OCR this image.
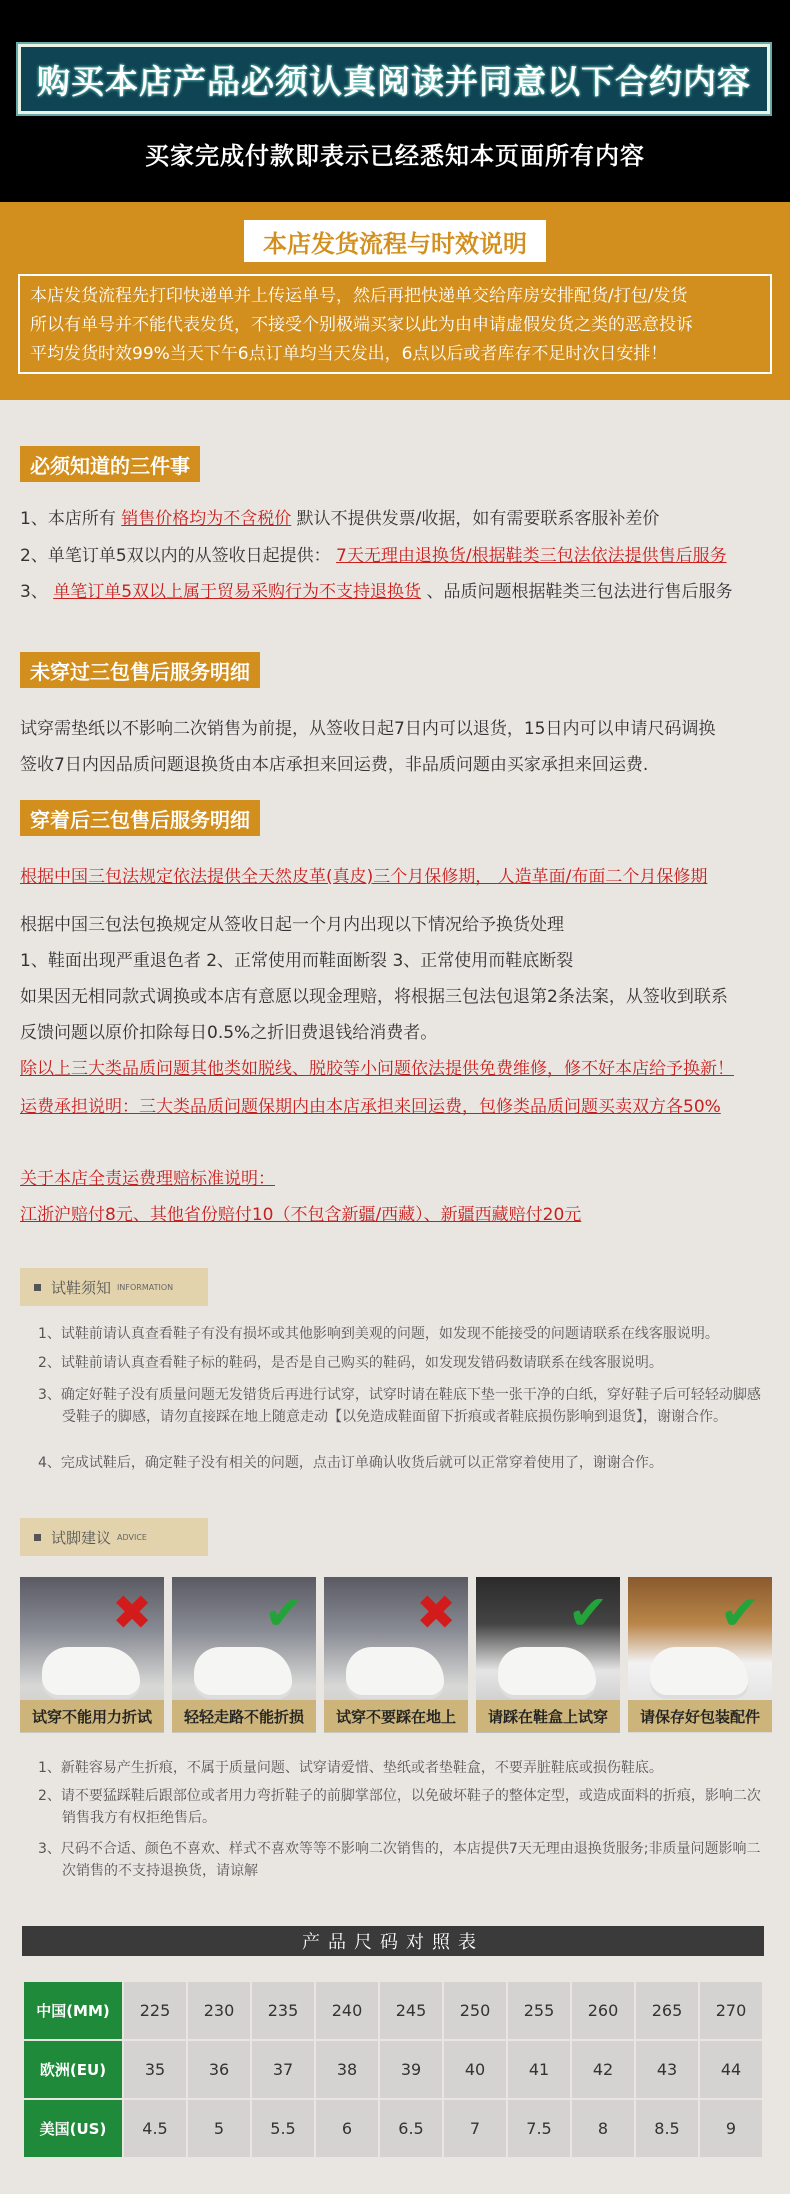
购买本店产品必须认真阅读并同意以下合约内容
买家完成付款即表示已经悉知本页面所有内容
本店发货流程与时效说明
本店发货流程先打印快递单并上传运单号，然后再把快递单交给库房安排配货/打包/发货
所以有单号并不能代表发货，不接受个别极端买家以此为由申请虚假发货之类的恶意投诉
平均发货时效99%当天下午6点订单均当天发出，6点以后或者库存不足时次日安排！
必须知道的三件事
1、本店所有 销售价格均为不含税价 默认不提供发票/收据，如有需要联系客服补差价
2、单笔订单5双以内的从签收日起提供： 7天无理由退换货/根据鞋类三包法依法提供售后服务
3、 单笔订单5双以上属于贸易采购行为不支持退换货 、品质问题根据鞋类三包法进行售后服务
未穿过三包售后服务明细
试穿需垫纸以不影响二次销售为前提，从签收日起7日内可以退货，15日内可以申请尺码调换
签收7日内因品质问题退换货由本店承担来回运费，非品质问题由买家承担来回运费.
穿着后三包售后服务明细
根据中国三包法规定依法提供全天然皮革(真皮)三个月保修期， 人造革面/布面二个月保修期
根据中国三包法包换规定从签收日起一个月内出现以下情况给予换货处理
1、鞋面出现严重退色者 2、正常使用而鞋面断裂 3、正常使用而鞋底断裂
如果因无相同款式调换或本店有意愿以现金理赔，将根据三包法包退第2条法案，从签收到联系
反馈问题以原价扣除每日0.5%之折旧费退钱给消费者。
除以上三大类品质问题其他类如脱线、脱胶等小问题依法提供免费维修，修不好本店给予换新！
运费承担说明：三大类品质问题保期内由本店承担来回运费，包修类品质问题买卖双方各50%
关于本店全责运费理赔标准说明：
江浙沪赔付8元、其他省份赔付10（不包含新疆/西藏）、新疆西藏赔付20元
试鞋须知 INFORMATION
1、试鞋前请认真查看鞋子有没有损坏或其他影响到美观的问题，如发现不能接受的问题请联系在线客服说明。
2、试鞋前请认真查看鞋子标的鞋码，是否是自己购买的鞋码，如发现发错码数请联系在线客服说明。
3、确定好鞋子没有质量问题无发错货后再进行试穿，试穿时请在鞋底下垫一张干净的白纸，穿好鞋子后可轻轻动脚感受鞋子的脚感，请勿直接踩在地上随意走动【以免造成鞋面留下折痕或者鞋底损伤影响到退货】，谢谢合作。
4、完成试鞋后，确定鞋子没有相关的问题，点击订单确认收货后就可以正常穿着使用了，谢谢合作。
试脚建议 ADVICE
✖ ✔ ✖ ✔ ✔
试穿不能用力折试	轻轻走路不能折损	试穿不要踩在地上	请踩在鞋盒上试穿	请保存好包装配件
1、新鞋容易产生折痕，不属于质量问题、试穿请爱惜、垫纸或者垫鞋盒，不要弄脏鞋底或损伤鞋底。
2、请不要猛踩鞋后跟部位或者用力弯折鞋子的前脚掌部位，以免破坏鞋子的整体定型，或造成面料的折痕，影响二次销售我方有权拒绝售后。
3、尺码不合适、颜色不喜欢、样式不喜欢等等不影响二次销售的，本店提供7天无理由退换货服务;非质量问题影响二次销售的不支持退换货，请谅解
产品尺码对照表
中国(MM)	225	230	235	240	245	250	255	260	265	270
欧洲(EU)	35	36	37	38	39	40	41	42	43	44
美国(US)	4.5	5	5.5	6	6.5	7	7.5	8	8.5	9
